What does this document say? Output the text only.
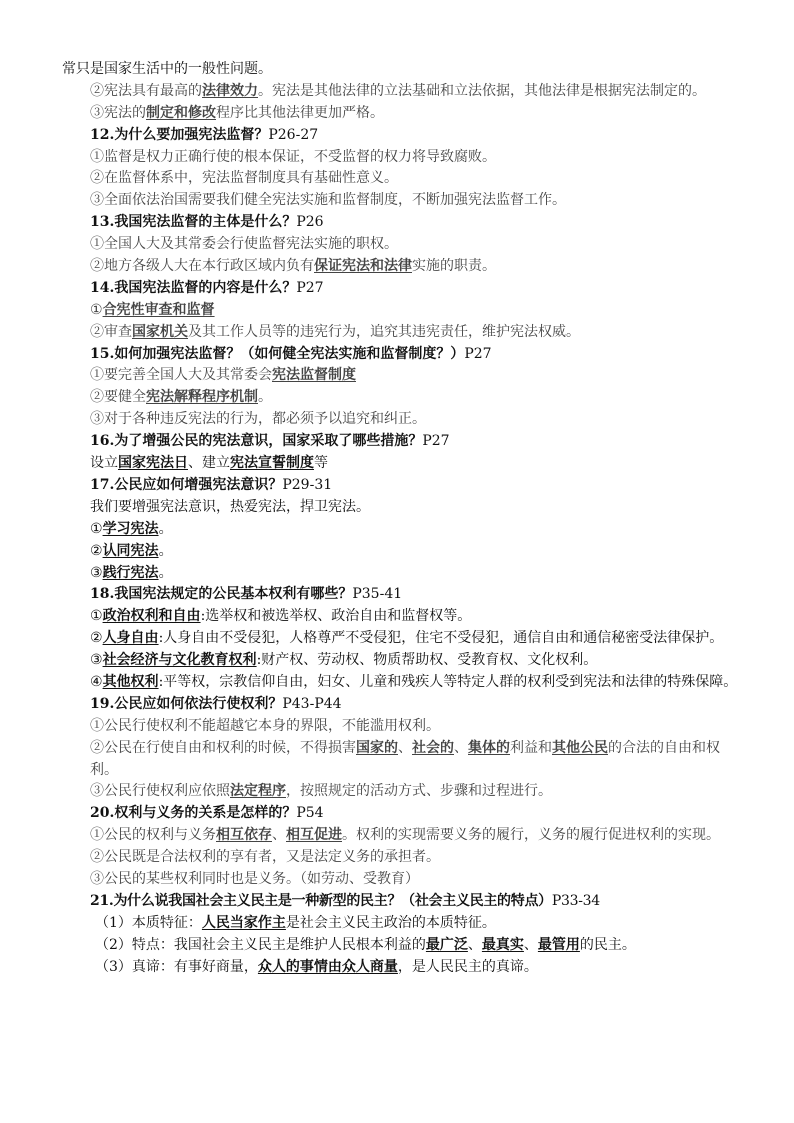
常只是国家生活中的一般性问题。
②宪法具有最高的法律效力。宪法是其他法律的立法基础和立法依据，其他法律是根据宪法制定的。
③宪法的制定和修改程序比其他法律更加严格。
12.为什么要加强宪法监督？P26-27
①监督是权力正确行使的根本保证，不受监督的权力将导致腐败。
②在监督体系中，宪法监督制度具有基础性意义。
③全面依法治国需要我们健全宪法实施和监督制度，不断加强宪法监督工作。
13.我国宪法监督的主体是什么？P26
①全国人大及其常委会行使监督宪法实施的职权。
②地方各级人大在本行政区域内负有保证宪法和法律实施的职责。
14.我国宪法监督的内容是什么？P27
①合宪性审查和监督
②审查国家机关及其工作人员等的违宪行为，追究其违宪责任，维护宪法权威。
15.如何加强宪法监督？（如何健全宪法实施和监督制度？）P27
①要完善全国人大及其常委会宪法监督制度
②要健全宪法解释程序机制。
③对于各种违反宪法的行为，都必须予以追究和纠正。
16.为了增强公民的宪法意识，国家采取了哪些措施？P27
设立国家宪法日、建立宪法宣誓制度等
17.公民应如何增强宪法意识？P29-31
我们要增强宪法意识，热爱宪法，捍卫宪法。
①学习宪法。
②认同宪法。
③践行宪法。
18.我国宪法规定的公民基本权利有哪些？P35-41
①政治权利和自由:选举权和被选举权、政治自由和监督权等。
②人身自由:人身自由不受侵犯，人格尊严不受侵犯，住宅不受侵犯，通信自由和通信秘密受法律保护。
③社会经济与文化教育权利:财产权、劳动权、物质帮助权、受教育权、文化权利。
④其他权利:平等权，宗教信仰自由，妇女、儿童和残疾人等特定人群的权利受到宪法和法律的特殊保障。
19.公民应如何依法行使权利？P43-P44
①公民行使权利不能超越它本身的界限，不能滥用权利。
②公民在行使自由和权利的时候，不得损害国家的、社会的、集体的利益和其他公民的合法的自由和权利。
③公民行使权利应依照法定程序，按照规定的活动方式、步骤和过程进行。
20.权利与义务的关系是怎样的？P54
①公民的权利与义务相互依存、相互促进。权利的实现需要义务的履行，义务的履行促进权利的实现。
②公民既是合法权利的享有者，又是法定义务的承担者。
③公民的某些权利同时也是义务。（如劳动、受教育）
21.为什么说我国社会主义民主是一种新型的民主？（社会主义民主的特点）P33-34
（1）本质特征：人民当家作主是社会主义民主政治的本质特征。
（2）特点：我国社会主义民主是维护人民根本利益的最广泛、最真实、最管用的民主。
（3）真谛：有事好商量，众人的事情由众人商量，是人民民主的真谛。
